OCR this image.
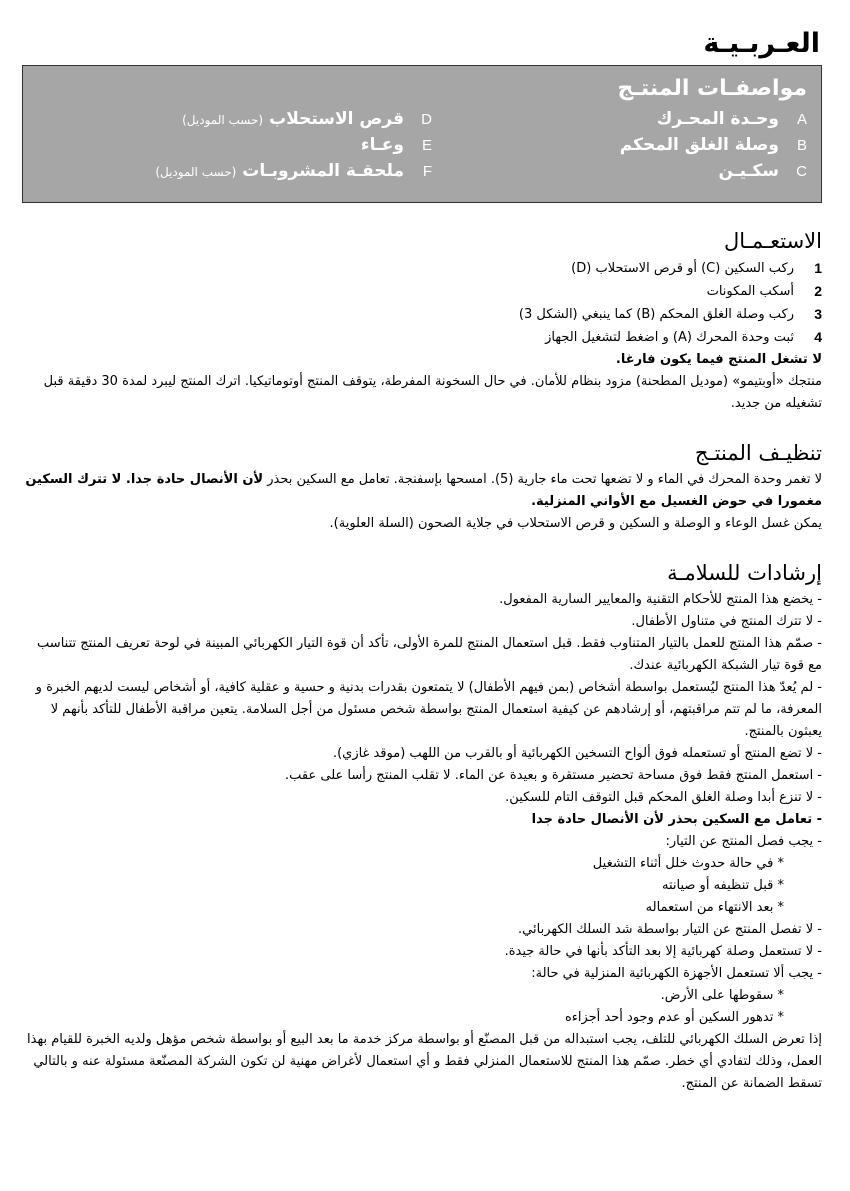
العـربـيـة
مواصفـات المنتـج
A
وحـدة المحـرك
B
وصلة الغلق المحكم
C
سكـيـن
D
قرص الاستحلاب
(حسب الموديل)
E
وعـاء
F
ملحقـة المشروبـات
(حسب الموديل)
الاستعـمـال
1
ركب السكين (C) أو قرص الاستحلاب (D)
2
أسكب المكونات
3
ركب وصلة الغلق المحكم (B) كما ينبغي (الشكل 3)
4
ثبت وحدة المحرك (A) و اضغط لتشغيل الجهاز

لا تشغل المنتج فيما يكون فارغا.

منتجك «أوبتيمو» (موديل المطحنة) مزود بنظام للأمان. في حال السخونة المفرطة، يتوقف المنتج أوتوماتيكيا. اترك المنتج ليبرد لمدة 30 دقيقة قبل تشغيله من جديد.

تنظيـف المنتـج

لا تغمر وحدة المحرك في الماء و لا تضعها تحت ماء جارية (5). امسحها بإسفنجة. تعامل مع السكين بحذر لأن الأنصال حادة جدا. لا تترك السكين مغمورا في حوض الغسيل مع الأواني المنزلية.

يمكن غسل الوعاء و الوصلة و السكين و قرص الاستحلاب في جلاية الصحون (السلة العلوية).

إرشادات للسلامـة
- يخضع هذا المنتج للأحكام التقنية والمعايير السارية المفعول.
- لا تترك المنتج في متناول الأطفال.
- صمّم هذا المنتج للعمل بالتيار المتناوب فقط. قبل استعمال المنتج للمرة الأولى، تأكد أن قوة التيار الكهربائي المبينة في لوحة تعريف المنتج تتناسب مع قوة تيار الشبكة الكهربائية عندك.
- لم يُعدّ هذا المنتج ليُستعمل بواسطة أشخاص (بمن فيهم الأطفال) لا يتمتعون بقدرات بدنية و حسية و عقلية كافية، أو أشخاص ليست لديهم الخبرة و المعرفة، ما لم تتم مراقبتهم، أو إرشادهم عن كيفية استعمال المنتج بواسطة شخص مسئول من أجل السلامة. يتعين مراقبة الأطفال للتأكد بأنهم لا يعبثون بالمنتج.
- لا تضع المنتج أو تستعمله فوق ألواح التسخين الكهربائية أو بالقرب من اللهب (موقد غازي).
- استعمل المنتج فقط فوق مساحة تحضير مستقرة و بعيدة عن الماء. لا تقلب المنتج رأسا على عقب.
- لا تنزع أبدا وصلة الغلق المحكم قبل التوقف التام للسكين.
- تعامل مع السكين بحذر لأن الأنصال حادة جدا
- يجب فصل المنتج عن التيار:
* في حالة حدوث خلل أثناء التشغيل
* قبل تنظيفه أو صيانته
* بعد الانتهاء من استعماله
- لا تفصل المنتج عن التيار بواسطة شد السلك الكهربائي.
- لا تستعمل وصلة كهربائية إلا بعد التأكد بأنها في حالة جيدة.
- يجب ألا تستعمل الأجهزة الكهربائية المنزلية في حالة:
* سقوطها على الأرض.
* تدهور السكين أو عدم وجود أحد أجزاءه

إذا تعرض السلك الكهربائي للتلف، يجب استبداله من قبل المصنّع أو بواسطة مركز خدمة ما بعد البيع أو بواسطة شخص مؤهل ولديه الخبرة للقيام بهذا العمل، وذلك لتفادي أي خطر. صمّم هذا المنتج للاستعمال المنزلي فقط و أي استعمال لأغراض مهنية لن تكون الشركة المصنّعة مسئولة عنه و بالتالي تسقط الضمانة عن المنتج.
